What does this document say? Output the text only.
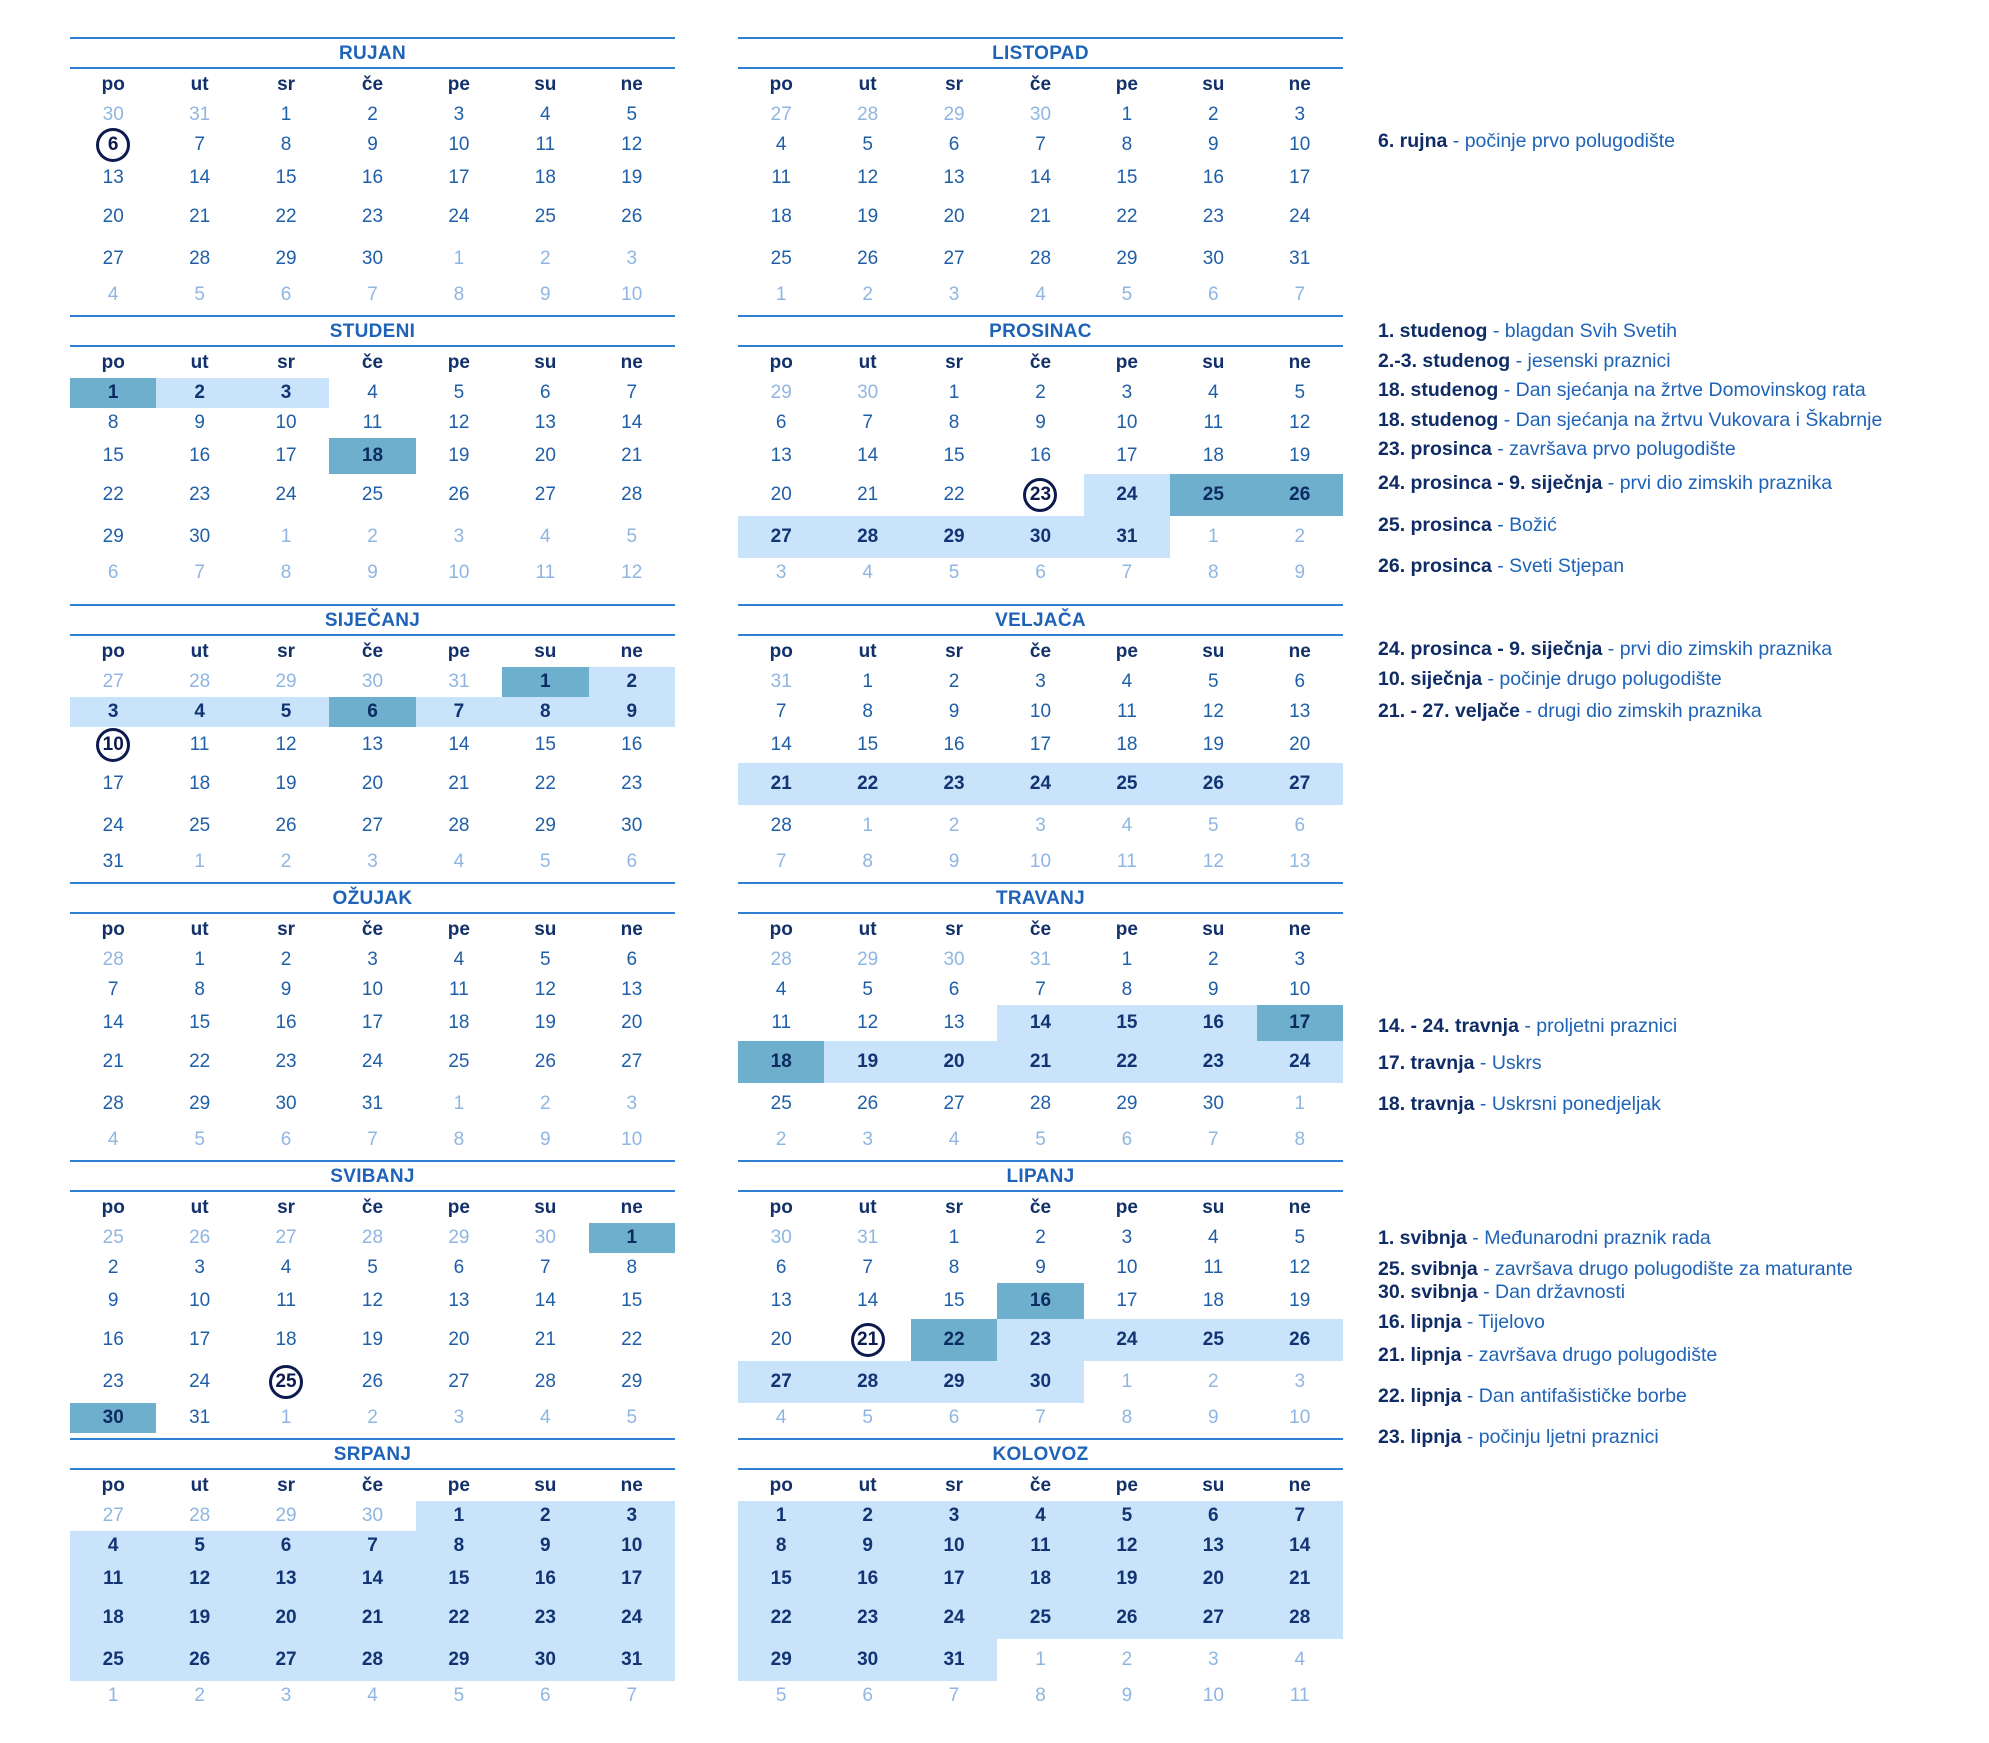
RUJAN
po	ut	sr	če	pe	su	ne
30	31	1	2	3	4	5
6	7	8	9	10	11	12
13	14	15	16	17	18	19
20	21	22	23	24	25	26
27	28	29	30	1	2	3
4	5	6	7	8	9	10
LISTOPAD
po	ut	sr	če	pe	su	ne
27	28	29	30	1	2	3
4	5	6	7	8	9	10
11	12	13	14	15	16	17
18	19	20	21	22	23	24
25	26	27	28	29	30	31
1	2	3	4	5	6	7
STUDENI
po	ut	sr	če	pe	su	ne
1	2	3	4	5	6	7
8	9	10	11	12	13	14
15	16	17	18	19	20	21
22	23	24	25	26	27	28
29	30	1	2	3	4	5
6	7	8	9	10	11	12
PROSINAC
po	ut	sr	če	pe	su	ne
29	30	1	2	3	4	5
6	7	8	9	10	11	12
13	14	15	16	17	18	19
20	21	22	23	24	25	26
27	28	29	30	31	1	2
3	4	5	6	7	8	9
SIJEČANJ
po	ut	sr	če	pe	su	ne
27	28	29	30	31	1	2
3	4	5	6	7	8	9
10	11	12	13	14	15	16
17	18	19	20	21	22	23
24	25	26	27	28	29	30
31	1	2	3	4	5	6
VELJAČA
po	ut	sr	če	pe	su	ne
31	1	2	3	4	5	6
7	8	9	10	11	12	13
14	15	16	17	18	19	20
21	22	23	24	25	26	27
28	1	2	3	4	5	6
7	8	9	10	11	12	13
OŽUJAK
po	ut	sr	če	pe	su	ne
28	1	2	3	4	5	6
7	8	9	10	11	12	13
14	15	16	17	18	19	20
21	22	23	24	25	26	27
28	29	30	31	1	2	3
4	5	6	7	8	9	10
TRAVANJ
po	ut	sr	če	pe	su	ne
28	29	30	31	1	2	3
4	5	6	7	8	9	10
11	12	13	14	15	16	17
18	19	20	21	22	23	24
25	26	27	28	29	30	1
2	3	4	5	6	7	8
SVIBANJ
po	ut	sr	če	pe	su	ne
25	26	27	28	29	30	1
2	3	4	5	6	7	8
9	10	11	12	13	14	15
16	17	18	19	20	21	22
23	24	25	26	27	28	29
30	31	1	2	3	4	5
LIPANJ
po	ut	sr	če	pe	su	ne
30	31	1	2	3	4	5
6	7	8	9	10	11	12
13	14	15	16	17	18	19
20	21	22	23	24	25	26
27	28	29	30	1	2	3
4	5	6	7	8	9	10
SRPANJ
po	ut	sr	če	pe	su	ne
27	28	29	30	1	2	3
4	5	6	7	8	9	10
11	12	13	14	15	16	17
18	19	20	21	22	23	24
25	26	27	28	29	30	31
1	2	3	4	5	6	7
KOLOVOZ
po	ut	sr	če	pe	su	ne
1	2	3	4	5	6	7
8	9	10	11	12	13	14
15	16	17	18	19	20	21
22	23	24	25	26	27	28
29	30	31	1	2	3	4
5	6	7	8	9	10	11
6. rujna - počinje prvo polugodište
1. studenog - blagdan Svih Svetih
2.-3. studenog - jesenski praznici
18. studenog - Dan sjećanja na žrtve Domovinskog rata
18. studenog - Dan sjećanja na žrtvu Vukovara i Škabrnje
23. prosinca - završava prvo polugodište
24. prosinca - 9. siječnja - prvi dio zimskih praznika
25. prosinca - Božić
26. prosinca - Sveti Stjepan
24. prosinca - 9. siječnja - prvi dio zimskih praznika
10. siječnja - počinje drugo polugodište
21. - 27. veljače - drugi dio zimskih praznika
14. - 24. travnja - proljetni praznici
17. travnja - Uskrs
18. travnja - Uskrsni ponedjeljak
1. svibnja - Međunarodni praznik rada
25. svibnja - završava drugo polugodište za maturante
30. svibnja - Dan državnosti
16. lipnja - Tijelovo
21. lipnja - završava drugo polugodište
22. lipnja - Dan antifašističke borbe
23. lipnja - počinju ljetni praznici
